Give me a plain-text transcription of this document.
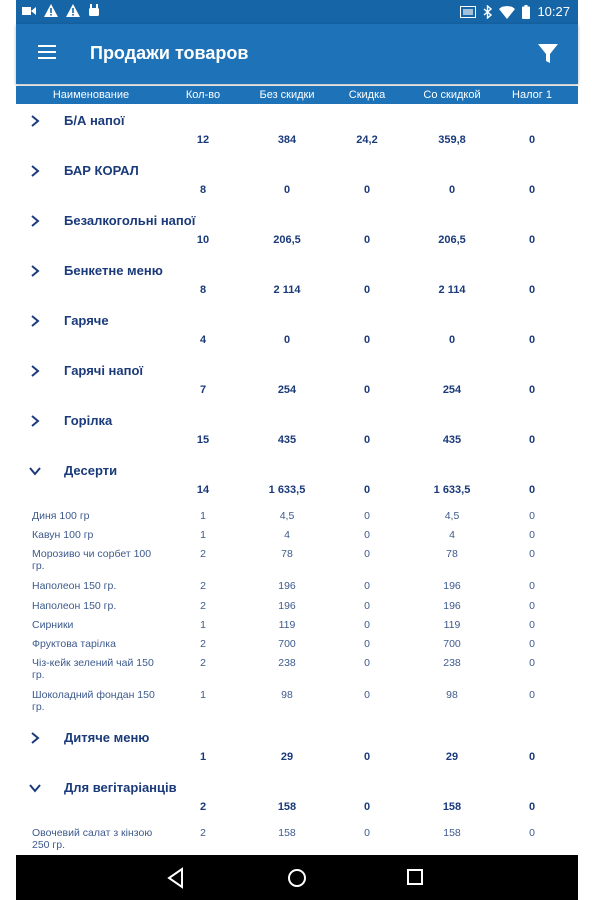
10:27
Продажи товаров
Наименование	Кол-во	Без скидки	Скидка	Со скидкой	Налог 1
Б/А напої
12	384	24,2	359,8	0
БАР КОРАЛ
8	0	0	0	0
Безалкогольні напої
10	206,5	0	206,5	0
Бенкетне меню
8	2 114	0	2 114	0
Гаряче
4	0	0	0	0
Гарячі напої
7	254	0	254	0
Горілка
15	435	0	435	0
Десерти
14	1 633,5	0	1 633,5	0
Диня 100 гр	1	4,5	0	4,5	0
Кавун 100 гр	1	4	0	4	0
Морозиво чи сорбет 100 гр.
2	78	0	78	0
Наполеон 150 гр.	2	196	0	196	0
Наполеон 150 гр.	2	196	0	196	0
Сирники	1	119	0	119	0
Фруктова тарілка	2	700	0	700	0
Чіз-кейк зелений чай 150 гр.
2	238	0	238	0
Шоколадний фондан 150 гр.
1	98	0	98	0
Дитяче меню
1	29	0	29	0
Для вегітаріанців
2	158	0	158	0
Овочевий салат з кінзою 250 гр.
2	158	0	158	0
